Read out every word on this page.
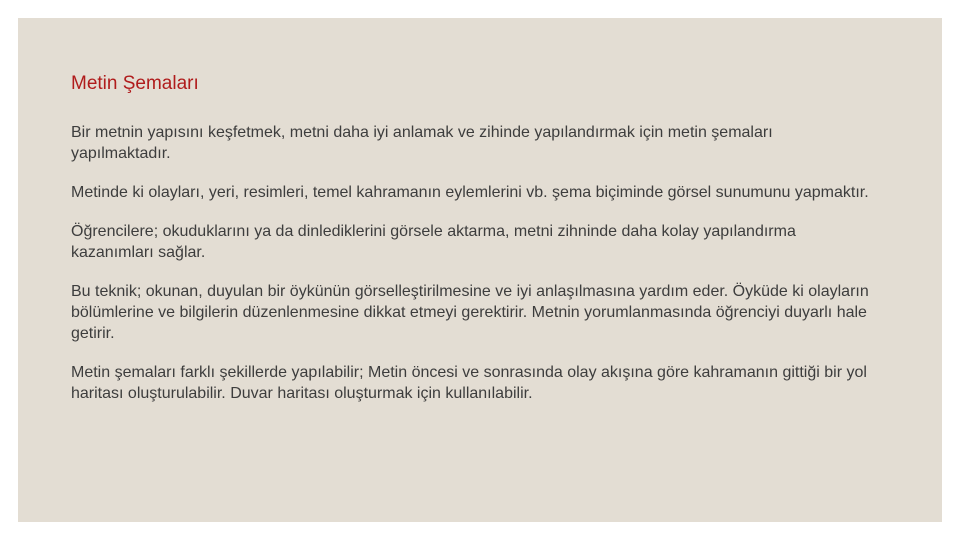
Metin Şemaları

Bir metnin yapısını keşfetmek, metni daha iyi anlamak ve zihinde yapılandırmak için metin şemaları yapılmaktadır.

Metinde ki olayları, yeri, resimleri, temel kahramanın eylemlerini vb. şema biçiminde görsel sunumunu yapmaktır.

Öğrencilere; okuduklarını ya da dinlediklerini görsele aktarma, metni zihninde daha kolay yapılandırma kazanımları sağlar.

Bu teknik; okunan, duyulan bir öykünün görselleştirilmesine ve iyi anlaşılmasına yardım eder. Öyküde ki olayların bölümlerine ve bilgilerin düzenlenmesine dikkat etmeyi gerektirir. Metnin yorumlanmasında öğrenciyi duyarlı hale getirir.

Metin şemaları farklı şekillerde yapılabilir; Metin öncesi ve sonrasında olay akışına göre kahramanın gittiği bir yol haritası oluşturulabilir. Duvar haritası oluşturmak için kullanılabilir.
